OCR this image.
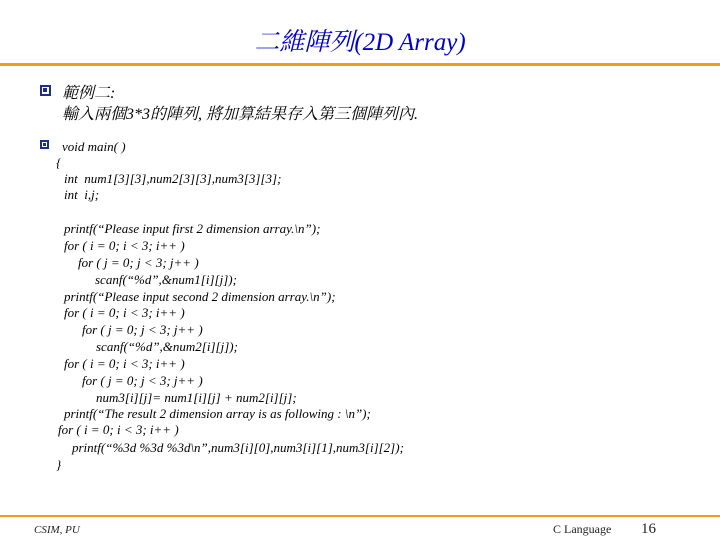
二維陣列(2D Array)
範例二:
輸入兩個3*3的陣列, 將加算結果存入第三個陣列內.
void main( )
{
int  num1[3][3],num2[3][3],num3[3][3];
int  i,j;
printf(“Please input first 2 dimension array.\n”);
for ( i = 0; i < 3; i++ )
for ( j = 0; j < 3; j++ )
scanf(“%d”,&num1[i][j]);
printf(“Please input second 2 dimension array.\n”);
for ( i = 0; i < 3; i++ )
for ( j = 0; j < 3; j++ )
scanf(“%d”,&num2[i][j]);
for ( i = 0; i < 3; i++ )
for ( j = 0; j < 3; j++ )
num3[i][j]= num1[i][j] + num2[i][j];
printf(“The result 2 dimension array is as following : \n”);
for ( i = 0; i < 3; i++ )
printf(“%3d %3d %3d\n”,num3[i][0],num3[i][1],num3[i][2]);
}
CSIM, PU	C Language 16
